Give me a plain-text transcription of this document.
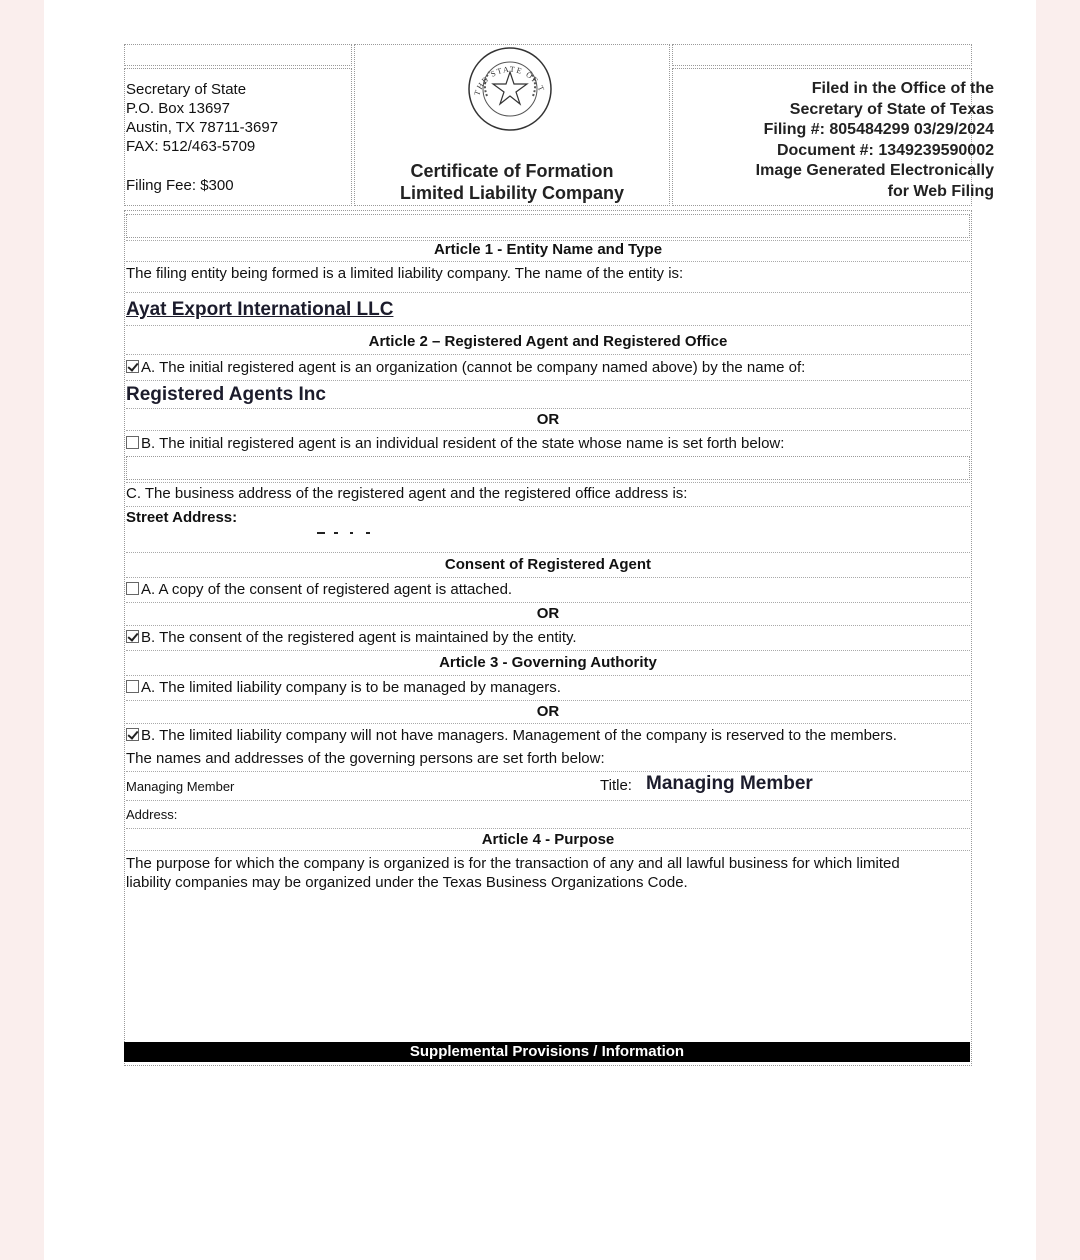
Secretary of State
P.O. Box 13697
Austin, TX 78711-3697
FAX: 512/463-5709
Filing Fee: $300
THE STATE OF T
Certificate of Formation
Limited Liability Company
Filed in the Office of the
Secretary of State of Texas
Filing #: 805484299 03/29/2024
Document #: 1349239590002
Image Generated Electronically
for Web Filing
Article 1 - Entity Name and Type
The filing entity being formed is a limited liability company. The name of the entity is:
Ayat Export International LLC
Article 2 – Registered Agent and Registered Office
A. The initial registered agent is an organization (cannot be company named above) by the name of:
Registered Agents Inc
OR
B. The initial registered agent is an individual resident of the state whose name is set forth below:
C. The business address of the registered agent and the registered office address is:
Street Address:
Consent of Registered Agent
A. A copy of the consent of registered agent is attached.
OR
B. The consent of the registered agent is maintained by the entity.
Article 3 - Governing Authority
A. The limited liability company is to be managed by managers.
OR
B. The limited liability company will not have managers. Management of the company is reserved to the members.
The names and addresses of the governing persons are set forth below:
Managing Member	Title: Managing Member
Address:
Article 4 - Purpose
The purpose for which the company is organized is for the transaction of any and all lawful business for which limited
liability companies may be organized under the Texas Business Organizations Code.
Supplemental Provisions / Information
